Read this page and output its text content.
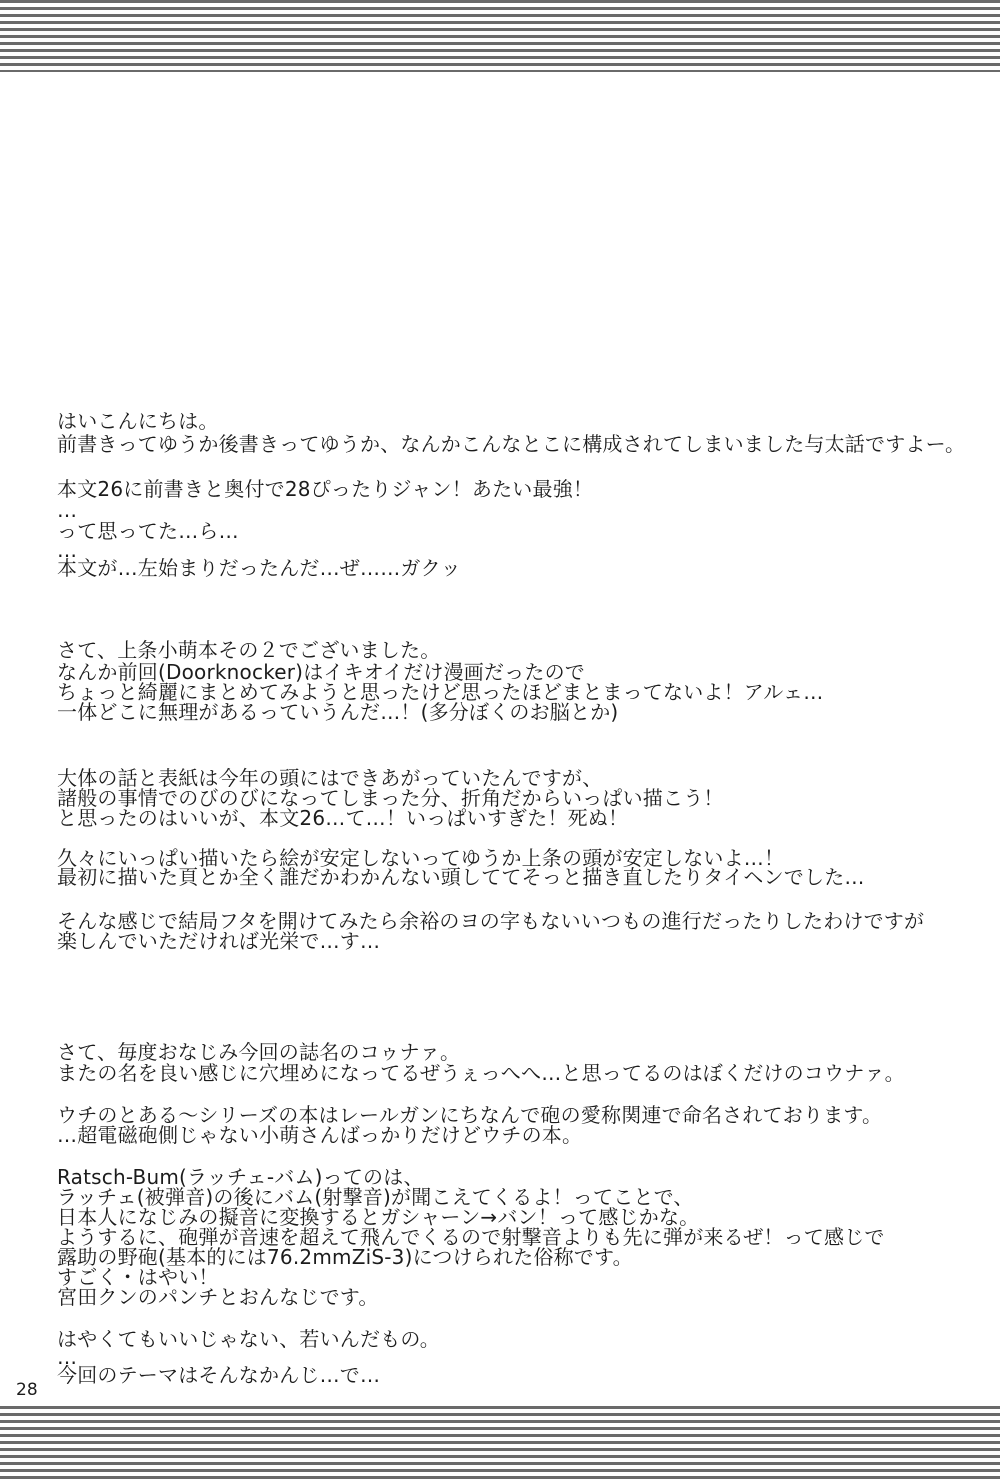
はいこんにちは。
前書きってゆうか後書きってゆうか、なんかこんなとこに構成されてしまいました与太話ですよー。
本文26に前書きと奥付で28ぴったりジャン！あたい最強！
…
って思ってた…ら…
…
本文が…左始まりだったんだ…ぜ……ガクッ
さて、上条小萌本その２でございました。
なんか前回(Doorknocker)はイキオイだけ漫画だったので
ちょっと綺麗にまとめてみようと思ったけど思ったほどまとまってないよ！アルェ…
一体どこに無理があるっていうんだ…！(多分ぼくのお脳とか)
大体の話と表紙は今年の頭にはできあがっていたんですが、
諸般の事情でのびのびになってしまった分、折角だからいっぱい描こう！
と思ったのはいいが、本文26…て…！いっぱいすぎた！死ぬ！
久々にいっぱい描いたら絵が安定しないってゆうか上条の頭が安定しないよ…！
最初に描いた頁とか全く誰だかわかんない頭しててそっと描き直したりタイヘンでした…
そんな感じで結局フタを開けてみたら余裕のヨの字もないいつもの進行だったりしたわけですが
楽しんでいただければ光栄で…す…
さて、毎度おなじみ今回の誌名のコゥナァ。
またの名を良い感じに穴埋めになってるぜうぇっへへ…と思ってるのはぼくだけのコウナァ。
ウチのとある～シリーズの本はレールガンにちなんで砲の愛称関連で命名されております。
…超電磁砲側じゃない小萌さんばっかりだけどウチの本。
Ratsch-Bum(ラッチェ-バム)ってのは、
ラッチェ(被弾音)の後にバム(射撃音)が聞こえてくるよ！ってことで、
日本人になじみの擬音に変換するとガシャーン→バン！って感じかな。
ようするに、砲弾が音速を超えて飛んでくるので射撃音よりも先に弾が来るぜ！って感じで
露助の野砲(基本的には76.2mmZiS-3)につけられた俗称です。
すごく・はやい！
宮田クンのパンチとおんなじです。
はやくてもいいじゃない、若いんだもの。
…
今回のテーマはそんなかんじ…で…
28
